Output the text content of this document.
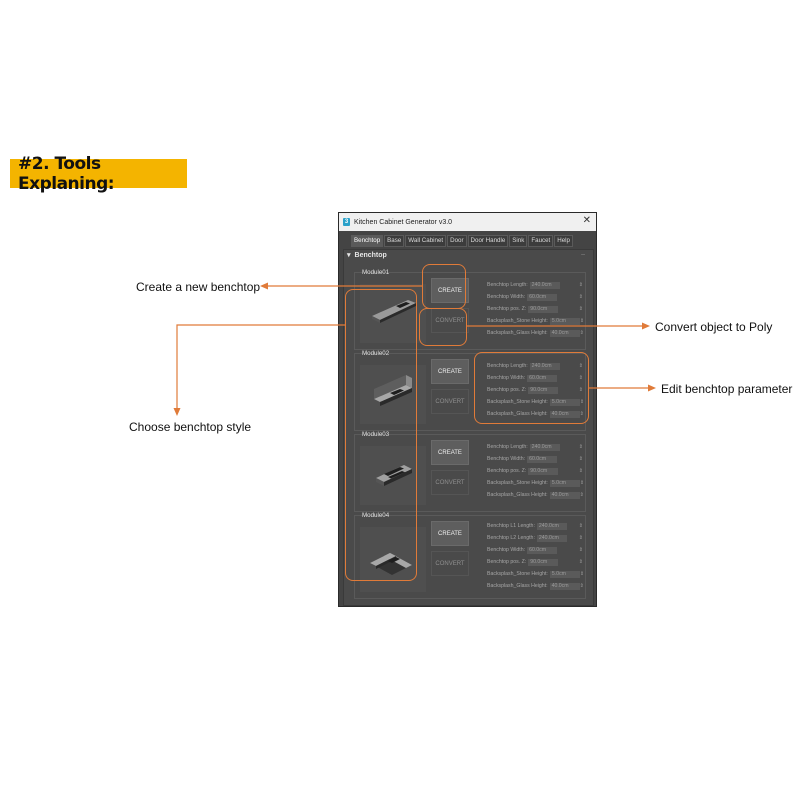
#2. Tools Explaning:
Create a new benchtop
Convert object to Poly
Choose benchtop style
Edit benchtop parameter
3 Kitchen Cabinet Generator v3.0	✕
Benchtop	Base	Wall Cabinet	Door	Door Handle	Sink	Faucet	Help
▾ Benchtop	–
Module01
CREATE
CONVERT
Benchtop Length: 240.0cm	⇕
Benchtop Width: 60.0cm	⇕
Benchtop pos. Z: 90.0cm	⇕
Backsplash_Stone Height: 5.0cm	⇕
Backsplash_Glass Height: 40.0cm	⇕
Module02
CREATE
CONVERT
Benchtop Length: 240.0cm	⇕
Benchtop Width: 60.0cm	⇕
Benchtop pos. Z: 90.0cm	⇕
Backsplash_Stone Height: 5.0cm	⇕
Backsplash_Glass Height: 40.0cm	⇕
Module03
CREATE
CONVERT
Benchtop Length: 240.0cm	⇕
Benchtop Width: 60.0cm	⇕
Benchtop pos. Z: 90.0cm	⇕
Backsplash_Stone Height: 5.0cm	⇕
Backsplash_Glass Height: 40.0cm	⇕
Module04
CREATE
CONVERT
Benchtop L1 Length: 240.0cm	⇕
Benchtop L2 Length: 240.0cm	⇕
Benchtop Width: 60.0cm	⇕
Benchtop pos. Z: 90.0cm	⇕
Backsplash_Stone Height: 5.0cm	⇕
Backsplash_Glass Height: 40.0cm	⇕
